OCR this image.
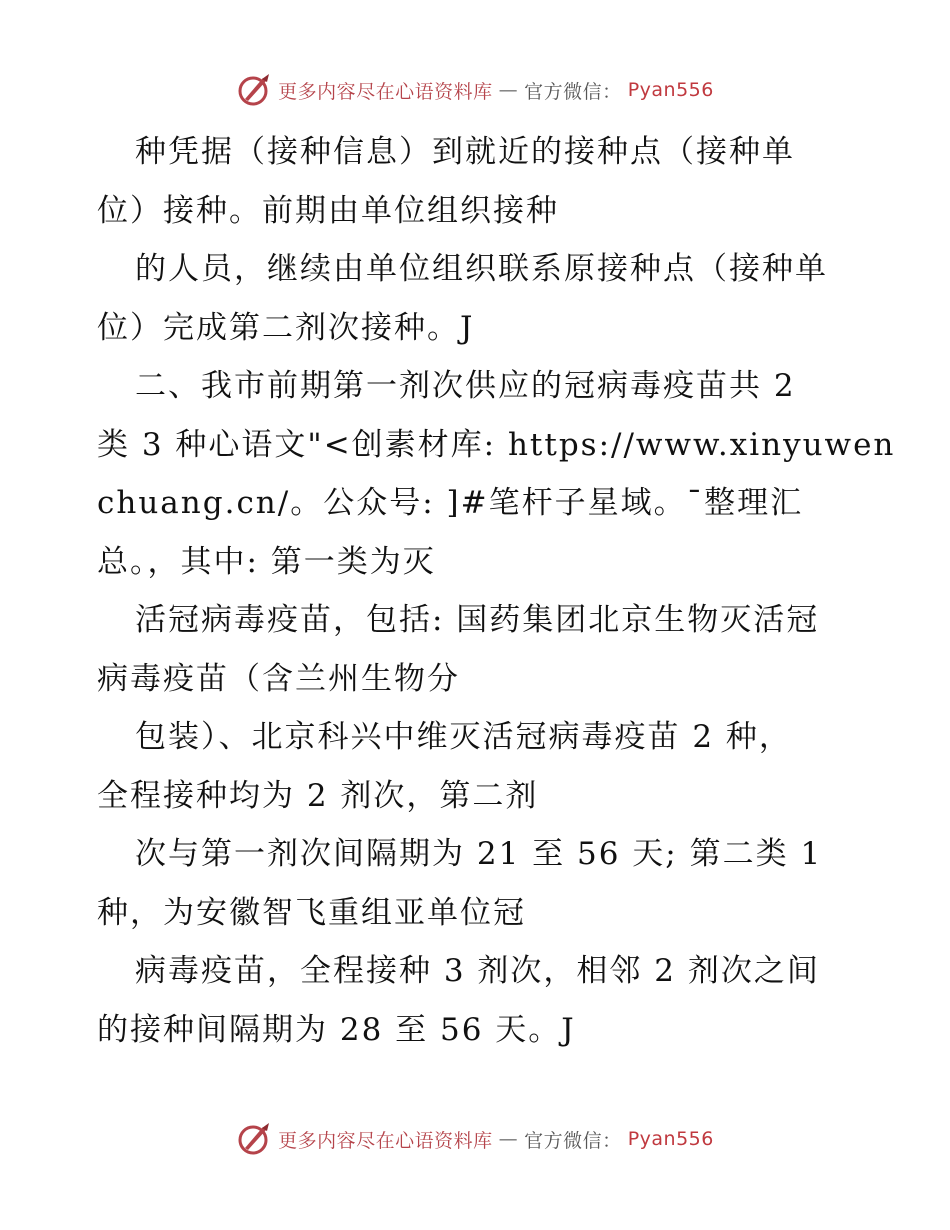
更多内容尽在心语资料库 — 官方微信： Pyan556
种凭据（接种信息）到就近的接种点（接种单
位）接种。前期由单位组织接种
的人员，继续由单位组织联系原接种点（接种单
位）完成第二剂次接种。J
二、我市前期第一剂次供应的冠病毒疫苗共 2
类 3 种心语文"<创素材库: https://www.xinyuwen
chuang.cn/。公众号: ]#笔杆子星域。¯整理汇
总。，其中: 第一类为灭
活冠病毒疫苗，包括: 国药集团北京生物灭活冠
病毒疫苗（含兰州生物分
包装）、北京科兴中维灭活冠病毒疫苗 2 种，
全程接种均为 2 剂次，第二剂
次与第一剂次间隔期为 21 至 56 天; 第二类 1
种，为安徽智飞重组亚单位冠
病毒疫苗，全程接种 3 剂次，相邻 2 剂次之间
的接种间隔期为 28 至 56 天。J
更多内容尽在心语资料库 — 官方微信： Pyan556
